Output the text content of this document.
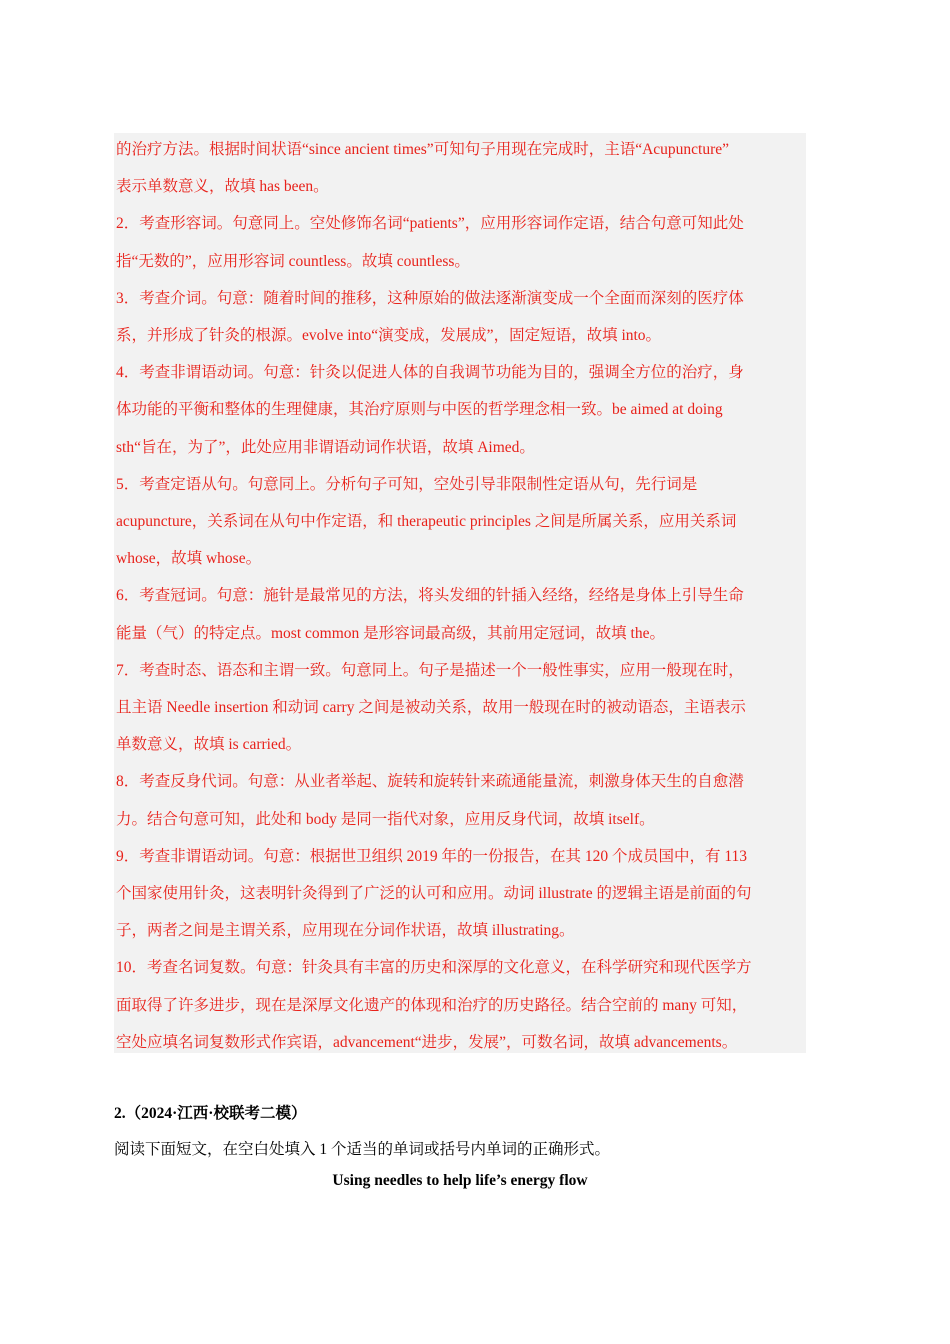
的治疗方法。根据时间状语“since ancient times”可知句子用现在完成时，主语“Acupuncture”
表示单数意义，故填 has been。
2．考查形容词。句意同上。空处修饰名词“patients”，应用形容词作定语，结合句意可知此处
指“无数的”，应用形容词 countless。故填 countless。
3．考查介词。句意：随着时间的推移，这种原始的做法逐渐演变成一个全面而深刻的医疗体
系，并形成了针灸的根源。evolve into“演变成，发展成”，固定短语，故填 into。
4．考查非谓语动词。句意：针灸以促进人体的自我调节功能为目的，强调全方位的治疗，身
体功能的平衡和整体的生理健康，其治疗原则与中医的哲学理念相一致。be aimed at doing
sth“旨在，为了”，此处应用非谓语动词作状语，故填 Aimed。
5．考查定语从句。句意同上。分析句子可知，空处引导非限制性定语从句，先行词是
acupuncture，关系词在从句中作定语，和 therapeutic principles 之间是所属关系，应用关系词
whose，故填 whose。
6．考查冠词。句意：施针是最常见的方法，将头发细的针插入经络，经络是身体上引导生命
能量（气）的特定点。most common 是形容词最高级，其前用定冠词，故填 the。
7．考查时态、语态和主谓一致。句意同上。句子是描述一个一般性事实，应用一般现在时，
且主语 Needle insertion 和动词 carry 之间是被动关系，故用一般现在时的被动语态，主语表示
单数意义，故填 is carried。
8．考查反身代词。句意：从业者举起、旋转和旋转针来疏通能量流，刺激身体天生的自愈潜
力。结合句意可知，此处和 body 是同一指代对象，应用反身代词，故填 itself。
9．考查非谓语动词。句意：根据世卫组织 2019 年的一份报告，在其 120 个成员国中，有 113
个国家使用针灸，这表明针灸得到了广泛的认可和应用。动词 illustrate 的逻辑主语是前面的句
子，两者之间是主谓关系，应用现在分词作状语，故填 illustrating。
10．考查名词复数。句意：针灸具有丰富的历史和深厚的文化意义，在科学研究和现代医学方
面取得了许多进步，现在是深厚文化遗产的体现和治疗的历史路径。结合空前的 many 可知，
空处应填名词复数形式作宾语，advancement“进步，发展”，可数名词，故填 advancements。
2.（2024·江西·校联考二模）
阅读下面短文，在空白处填入 1 个适当的单词或括号内单词的正确形式。
Using needles to help life’s energy flow
